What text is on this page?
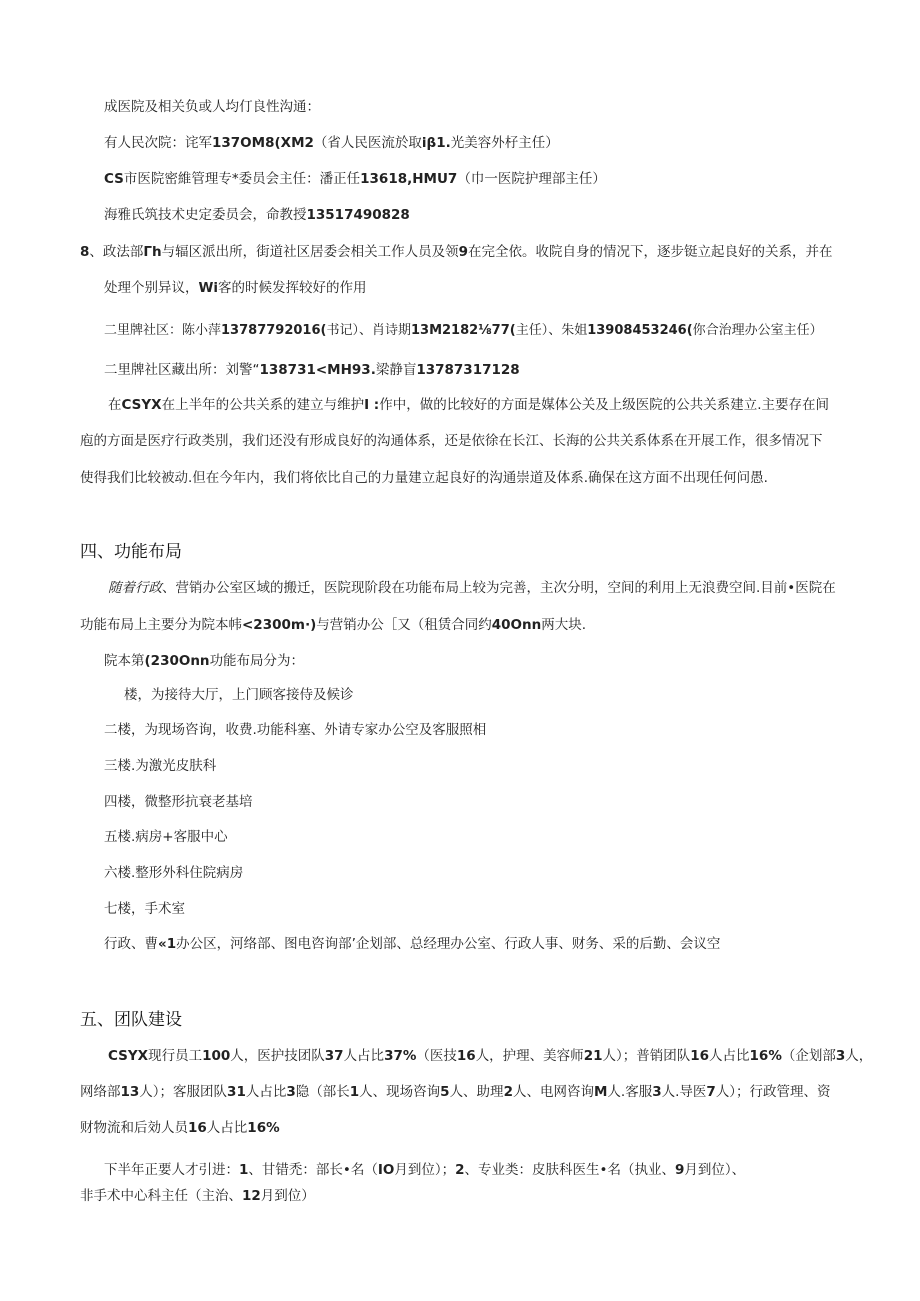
成医院及相关负或人均仃良性沟通：
有人民次院：诧军137OM8(XM2（省人民医流於取iβ1.光美容外杍主任）
CS市医院密維管理专*委员会主任：潘正任13618,HMU7（巾一医院护理部主任）
海雅氏筑技术史定委员会，命教授13517490828
8、政法部Γh与辐区派出所，街道社区居委会相关工作人员及领9在完全依。收院自身的情况下，逐步铤立起良好的关系，并在
处理个别异议，Wi客的时候发挥较好的作用
二里牌社区：陈小萍13787792016(书记）、肖诗期13M2182⅛77(主任）、朱姐13908453246(你合治理办公室主任）
二里牌社区藏出所：刘警“138731<MH93.梁静盲13787317128
在CSYX在上半年的公共关系的建立与维护I :作中，做的比较好的方面是媒体公关及上级医院的公共关系建立.主要存在间
庖的方面是医疗行政类別，我们还没有形成良好的沟通体系，还是依徐在长江、长海的公共关系体系在开展工作，很多情况下
使得我们比较被动.但在今年内，我们将依比自己的力量建立起良好的沟通崇道及体系.确保在这方面不出现任何问愚.
四、功能布局
随着行政、营销办公室区域的搬迁，医院现阶段在功能布局上较为完善，主次分明，空间的利用上无浪费空间.目前•医院在
功能布局上主要分为院本帏<2300m∙)与营销办公［又（租赁合同约40Onn两大块.
院本第(230Onn功能布局分为：
楼，为接待大厅，上门顾客接侍及候诊
二楼，为现场咨询，收费.功能科塞、外请专家办公空及客服照相
三楼.为激光皮肤科
四楼，微整形抗衰老基培
五楼.病房+客服中心
六楼.整形外科住院病房
七楼，手术室
行政、曹«1办公区，河络部、图电咨询部’企划部、总经理办公室、行政人事、财务、采的后勤、会议空
五、团队建设
CSYX现行员工100人，医护技团队37人占比37%（医技16人，护理、美容师21人）；普销团队16人占比16%（企划部3人，
网络部13人）；客服团队31人占比3隐（部长1人、现场咨询5人、助理2人、电网咨询M人.客服3人.导医7人）；行政管理、资
财物流和后効人员16人占比16%
下半年正要人才引进：1、甘错禿：部长•名（IO月到位）；2、专业类：皮肤科医生•名（执业、9月到位）、
非手术中心科主任（主治、12月到位）
